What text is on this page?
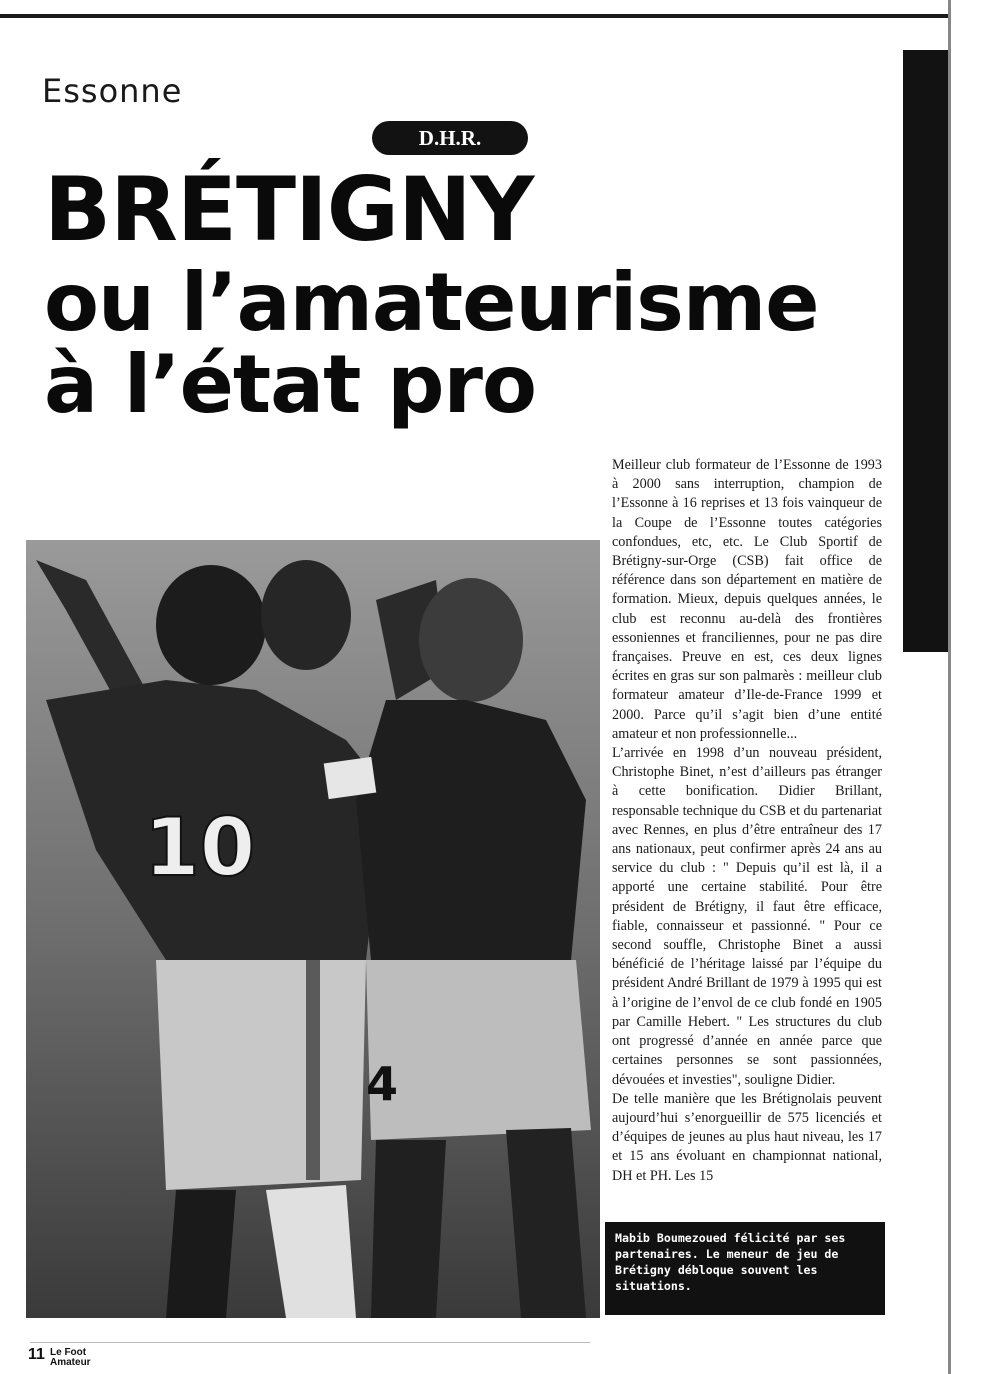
Essonne
D.H.R.
BRÉTIGNY
ou l’amateurisme
à l’état pro
10
4

Meilleur club formateur de l’Essonne de 1993 à 2000 sans interruption, champion de l’Essonne à 16 reprises et 13 fois vainqueur de la Coupe de l’Essonne toutes catégories confondues, etc, etc. Le Club Sportif de Brétigny-sur-Orge (CSB) fait office de référence dans son département en matière de formation. Mieux, depuis quelques années, le club est reconnu au-delà des frontières essoniennes et franciliennes, pour ne pas dire françaises. Preuve en est, ces deux lignes écrites en gras sur son palmarès : meilleur club formateur amateur d’Ile-de-France 1999 et 2000. Parce qu’il s’agit bien d’une entité amateur et non professionnelle...

L’arrivée en 1998 d’un nouveau président, Christophe Binet, n’est d’ailleurs pas étranger à cette bonification. Didier Brillant, responsable technique du CSB et du partenariat avec Rennes, en plus d’être entraîneur des 17 ans nationaux, peut confirmer après 24 ans au service du club : " Depuis qu’il est là, il a apporté une certaine stabilité. Pour être président de Brétigny, il faut être efficace, fiable, connaisseur et passionné. " Pour ce second souffle, Christophe Binet a aussi bénéficié de l’héritage laissé par l’équipe du président André Brillant de 1979 à 1995 qui est à l’origine de l’envol de ce club fondé en 1905 par Camille Hebert. " Les structures du club ont progressé d’année en année parce que certaines personnes se sont passionnées, dévouées et investies", souligne Didier.

De telle manière que les Brétignolais peuvent aujourd’hui s’enorgueillir de 575 licenciés et d’équipes de jeunes au plus haut niveau, les 17 et 15 ans évoluant en championnat national, DH et PH. Les 15

Mabib Boumezoued félicité par ses partenaires. Le meneur de jeu de Brétigny débloque souvent les situations.
11 Le Foot
Amateur
